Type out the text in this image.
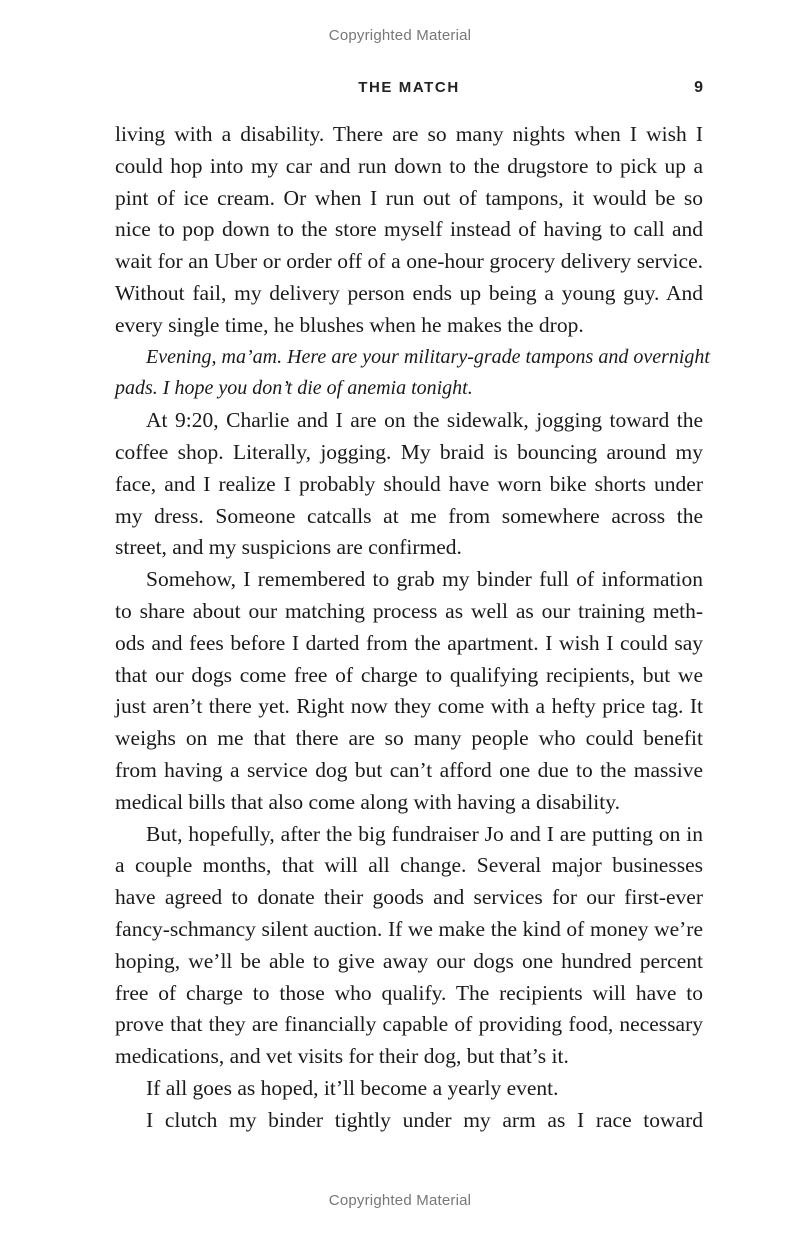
Copyrighted Material
THE MATCH	9
living with a disability. There are so many nights when I wish I
could hop into my car and run down to the drugstore to pick up a
pint of ice cream. Or when I run out of tampons, it would be so
nice to pop down to the store myself instead of having to call and
wait for an Uber or order off of a one-hour grocery delivery service.
Without fail, my delivery person ends up being a young guy. And
every single time, he blushes when he makes the drop.
Evening, ma’am. Here are your military-grade tampons and overnight
pads. I hope you don’t die of anemia tonight.
At 9:20, Charlie and I are on the sidewalk, jogging toward the
coffee shop. Literally, jogging. My braid is bouncing around my
face, and I realize I probably should have worn bike shorts under
my dress. Someone catcalls at me from somewhere across the
street, and my suspicions are confirmed.
Somehow, I remembered to grab my binder full of information
to share about our matching process as well as our training meth-
ods and fees before I darted from the apartment. I wish I could say
that our dogs come free of charge to qualifying recipients, but we
just aren’t there yet. Right now they come with a hefty price tag. It
weighs on me that there are so many people who could benefit
from having a service dog but can’t afford one due to the massive
medical bills that also come along with having a disability.
But, hopefully, after the big fundraiser Jo and I are putting on in
a couple months, that will all change. Several major businesses
have agreed to donate their goods and services for our first-ever
fancy-schmancy silent auction. If we make the kind of money we’re
hoping, we’ll be able to give away our dogs one hundred percent
free of charge to those who qualify. The recipients will have to
prove that they are financially capable of providing food, necessary
medications, and vet visits for their dog, but that’s it.
If all goes as hoped, it’ll become a yearly event.
I clutch my binder tightly under my arm as I race toward
Copyrighted Material
